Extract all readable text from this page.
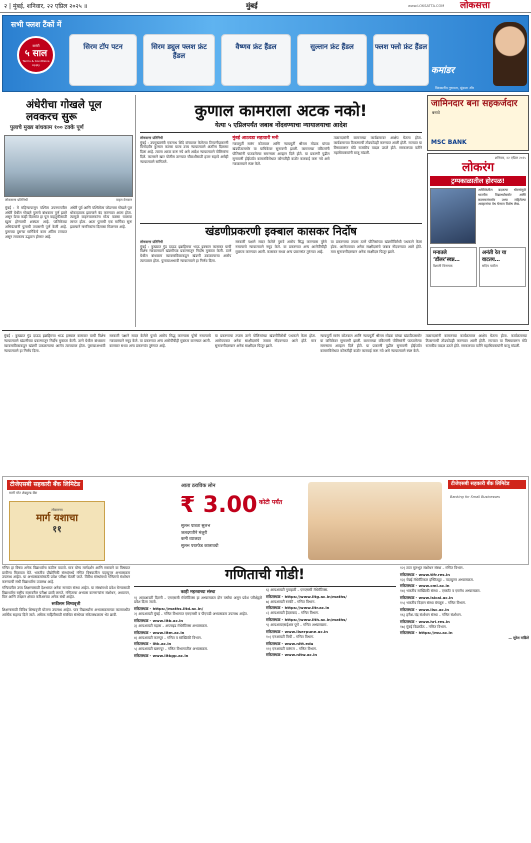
२ | मुंबई, शनिवार, २२ एप्रिल २०२५ ॥	मुंबई	www.LOKSATTA.COM लोकसत्ता
सभी फ्लश टैंकों में
वारंटी
५ साल
Terms & Conditions Apply
सिरम टॉप पटन	सिरम ड्युल फ्लश फ्रंट हैंडल
वैष्णव फ्रंट हैंडल	सुल्तान फ्रंट हैंडल	फ्लश फ्लो फ्रंट हैंडल
कमांडर
विश्वसनीय गुणवत्ता, सुंदरता और
अंधेरीचा गोखले पूल लवकरच सुरू
पुलाचे मुख्य बांधकाम १०० टक्के पूर्ण
लोकसत्ता प्रतिनिधी	वाहन वेगवान
मुंबई : मे महिन्यापासून पश्चिम उपनगरातील अंधेरी येथील गोखले पुलाचे बांधकाम पूर्ण झाले असून येत्या काही दिवसांत हा पूल वाहतुकीसाठी खुला होण्याची शक्यता आहे. पालिकेच्या अभियंत्यांनी पुलाची तपासणी पूर्ण केली आहे. पुलाच्या दुसऱ्या मार्गिकेचे काम अंतिम टप्प्यात असून लवकरच उद्घाटन होणार आहे.
अंधेरी पूर्व आणि पश्चिमेला जोडणारा गोखले पूल धोकादायक झाल्याने बंद करण्यात आला होता. त्यामुळे वाहनचालकांना मोठा वळसा घालावा लागत होता. आता पुलाची एक मार्गिका सुरू झाल्याने नागरिकांना दिलासा मिळणार आहे.
कुणाल कामराला अटक नको!
येत्या ५ एप्रिलपर्यंत जबाब नोंदवण्याचा न्यायालयाचा आदेश
लोकसत्ता प्रतिनिधी
मुंबई : उपमुख्यमंत्री एकनाथ शिंदे यांच्यावर केलेल्या टिप्पणीप्रकरणी विनोदवीर कुणाल कामरा याला उच्च न्यायालयाने अंतरिम दिलासा दिला आहे. त्याला अटक करू नये असे आदेश न्यायालयाने पोलिसांना दिले. कामराने खार पोलीस ठाण्यात चौकशीसाठी हजर राहावे असेही न्यायालयाने सांगितले.
मुंबई आठवडा सहावारी मनी
न्यायमूर्ती सारंग कोतवाल आणि न्यायमूर्ती श्रीराम मोडक यांच्या खंडपीठासमोर या याचिकेवर सुनावणी झाली. कामराच्या वकिलांनी पोलिसांनी पाठवलेल्या समन्सला आव्हान दिले होते. या प्रकरणी पुढील सुनावणी होईपर्यंत कामराविरोधात कोणतीही कठोर कारवाई करू नये असे न्यायालयाने स्पष्ट केले.
तक्रारदारांनी कामराच्या कार्यक्रमावर आक्षेप घेतला होता. कार्यक्रमाच्या ठिकाणाची तोडफोडही करण्यात आली होती. राज्यात या विषयावरून मोठे राजकीय वादळ उठले होते. सरकारच्या वतीने महाधिवक्त्यांनी बाजू मांडली.
खंडणीप्रकरणी इक्बाल कासकर निर्दोष
लोकसत्ता प्रतिनिधी
मुंबई : कुख्यात गुंड दाऊद इब्राहिमचा भाऊ इक्बाल कासकर याची विशेष न्यायालयाने खंडणीच्या प्रकरणातून निर्दोष मुक्तता केली. ठाणे येथील बांधकाम व्यावसायिकाकडून खंडणी उकळल्याचा आरोप त्याच्यावर होता. पुराव्याअभावी न्यायालयाने हा निर्णय दिला.
सरकारी पक्षाने सादर केलेले पुरावे आरोप सिद्ध करण्यास पुरेसे नसल्याचे न्यायालयाने नमूद केले. या प्रकरणात अन्य आरोपींचीही मुक्तता करण्यात आली. कासकर सध्या अन्य प्रकरणांत तुरुंगात आहे.
या प्रकरणाचा तपास ठाणे पोलिसांच्या खंडणीविरोधी पथकाने केला होता. आरोपपत्रात अनेक साक्षीदारांचे जबाब नोंदवण्यात आले होते. मात्र सुनावणीदरम्यान अनेक साक्षीदार फितूर झाले.
जामिनदार बना सहकर्जदार
बनावे
MSC BANK
शनिवार, २२ एप्रिल २०२५
लोकरंग
ट्रम्पकाळातील होरपळ!
अमेरिकेतील बदलत्या धोरणांमुळे भारतीय विद्यार्थ्यांसमोर आणि कामगारांसमोर उभ्या राहिलेल्या आव्हानांचा वेध घेणारा विशेष लेख.
मनातले ‘डॉलर’स्वप्न…
वैशाली विनायक
अनंती रेत या वाटतय…
सदिप पाटील
मुंबई : कुख्यात गुंड दाऊद इब्राहिमचा भाऊ इक्बाल कासकर याची विशेष न्यायालयाने खंडणीच्या प्रकरणातून निर्दोष मुक्तता केली. ठाणे येथील बांधकाम व्यावसायिकाकडून खंडणी उकळल्याचा आरोप त्याच्यावर होता. पुराव्याअभावी न्यायालयाने हा निर्णय दिला.
सरकारी पक्षाने सादर केलेले पुरावे आरोप सिद्ध करण्यास पुरेसे नसल्याचे न्यायालयाने नमूद केले. या प्रकरणात अन्य आरोपींचीही मुक्तता करण्यात आली. कासकर सध्या अन्य प्रकरणांत तुरुंगात आहे.
या प्रकरणाचा तपास ठाणे पोलिसांच्या खंडणीविरोधी पथकाने केला होता. आरोपपत्रात अनेक साक्षीदारांचे जबाब नोंदवण्यात आले होते. मात्र सुनावणीदरम्यान अनेक साक्षीदार फितूर झाले.
न्यायमूर्ती सारंग कोतवाल आणि न्यायमूर्ती श्रीराम मोडक यांच्या खंडपीठासमोर या याचिकेवर सुनावणी झाली. कामराच्या वकिलांनी पोलिसांनी पाठवलेल्या समन्सला आव्हान दिले होते. या प्रकरणी पुढील सुनावणी होईपर्यंत कामराविरोधात कोणतीही कठोर कारवाई करू नये असे न्यायालयाने स्पष्ट केले.
तक्रारदारांनी कामराच्या कार्यक्रमावर आक्षेप घेतला होता. कार्यक्रमाच्या ठिकाणाची तोडफोडही करण्यात आली होती. राज्यात या विषयावरून मोठे राजकीय वादळ उठले होते. सरकारच्या वतीने महाधिवक्त्यांनी बाजू मांडली.
टीजेएसबी सहकारी बँक लिमिटेड
मल्टी स्टेट शेड्युल्ड बँक
लोकसत्ता
मार्ग यशाचा
११
आता ठराविक लोन
₹ 3.00 कोटी पर्यंत
सुलभ पात्रता सुलभ
जलदगतीने मंजुरी
कमी व्याजदर
सुलभ परतफेड कालावधी
टीजेएसबी सहकारी बँक लिमिटेड
Banking for Small Businesses
गणित हा विषय अनेक विद्यार्थ्यांना कठीण वाटतो. मात्र योग्य मार्गदर्शन आणि सरावाने या विषयात प्रावीण्य मिळवता येते. भारतीय प्रौद्योगिकी संस्थांमध्ये गणित विषयातील पदव्युत्तर अभ्यासक्रम उपलब्ध आहेत. या अभ्यासक्रमांसाठी प्रवेश परीक्षा घेतली जाते. विविध संस्थांमध्ये गणिताचे संशोधन करण्याची संधी विद्यार्थ्यांना उपलब्ध आहे.
गणितातील उच्च शिक्षणासाठी देशभरात अनेक नामवंत संस्था आहेत. या संस्थांमध्ये प्रवेश घेण्यासाठी विद्यार्थ्यांना राष्ट्रीय स्तरावरील परीक्षा द्यावी लागते. गणिताचा अभ्यास करणाऱ्यांना संशोधन, अध्यापन, वित्त आणि तंत्रज्ञान क्षेत्रात करिअरच्या अनेक संधी आहेत.
सफीसम शिष्यवृत्ती
शिक्षणासाठी विविध शिष्यवृत्ती योजना उपलब्ध आहेत. पात्र विद्यार्थ्यांना अभ्यासक्रमाच्या कालावधीत आर्थिक सहाय्य दिले जाते. अधिक माहितीसाठी संबंधित संस्थेच्या संकेतस्थळाला भेट द्यावी.
गणिताची गोडी!
काही महत्त्वाच्या संस्था
१) आयआयटी दिल्ली – एमएससी मॅथेमॅटिक्स हा अभ्यासक्रम दोन वर्षांचा असून प्रवेश परीक्षेद्वारे प्रवेश दिला जातो.
संकेतस्थळ - https://maths.iitd.ac.in/
२) आयआयटी मुंबई – गणित विभागात एमएससी व पीएचडी अभ्यासक्रम उपलब्ध आहेत.
संकेतस्थळ - www.iitb.ac.in
३) आयआयटी मद्रास – अप्लाइड मॅथेमॅटिक्स अभ्यासक्रम.
संकेतस्थळ - www.iitm.ac.in
४) आयआयटी कानपूर – गणित व सांख्यिकी विभाग.
संकेतस्थळ - iitk.ac.in
५) आयआयटी खरगपूर – गणित विभागातील अभ्यासक्रम.
संकेतस्थळ - www.iitkgp.ac.in
६) आयआयटी गुवाहाटी – एमएससी मॅथेमॅटिक्स.
संकेतस्थळ - https://www.iitg.ac.in/maths/
७) आयआयटी रुरकी – गणित विभाग.
संकेतस्थळ - https://www.iitr.ac.in
८) आयआयटी हैदराबाद – गणित विभाग.
संकेतस्थळ - https://www.iith.ac.in/maths/
९) आयआयएसईआर पुणे – गणित अभ्यासक्रम.
संकेतस्थळ - www.iiserpune.ac.in
१०) एनआयटी त्रिची – गणित विभाग.
संकेतस्थळ - www.nitt.edu
११) एनआयटी वारंगल – गणित विभाग.
संकेतस्थळ - www.nitw.ac.in
१२) टाटा मूलभूत संशोधन संस्था – गणित विभाग.
संकेतस्थळ - www.tifr.res.in
१३) चेन्नई मॅथेमॅटिकल इन्स्टिट्यूट – पदव्युत्तर अभ्यासक्रम.
संकेतस्थळ - www.cmi.ac.in
१४) भारतीय सांख्यिकी संस्था – एमस्टॅट व एममॅथ अभ्यासक्रम.
संकेतस्थळ - www.isical.ac.in
१५) भारतीय विज्ञान संस्था बंगळूरु – गणित विभाग.
संकेतस्थळ - www.iisc.ac.in
१६) हरीश-चंद्र संशोधन संस्था – गणित संशोधन.
संकेतस्थळ - www.hri.res.in
१७) मुंबई विद्यापीठ – गणित विभाग.
संकेतस्थळ - https://mu.ac.in
— सुरेश वांडिले
